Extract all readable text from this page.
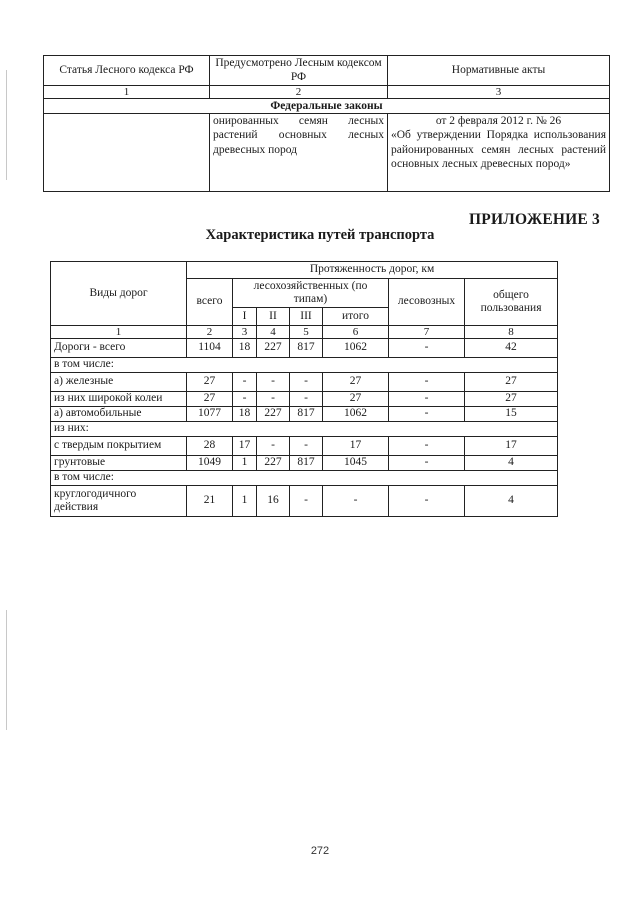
Статья Лесного кодекса РФ	Предусмотрено Лесным кодексом РФ	Нормативные акты
1	2	3
Федеральные законы		
	онированных семян лесных растений основных лесных древесных пород	от 2 февраля 2012 г. № 26
«Об утверждении Порядка использования районированных семян лесных растений основных лесных древесных пород»
ПРИЛОЖЕНИЕ 3
Характеристика путей транспорта
Виды дорог	Протяженность дорог, км						
	всего	лесохозяйственных (по типам)				лесовозных	общего пользования
		I	II	III	итого		
1	2	3	4	5	6	7	8
Дороги - всего	1104	18	227	817	1062	-	42
в том числе:							
а) железные	27	-	-	-	27	-	27
из них широкой колеи	27	-	-	-	27	-	27
а) автомобильные	1077	18	227	817	1062	-	15
из них:							
с твердым покрытием	28	17	-	-	17	-	17
грунтовые	1049	1	227	817	1045	-	4
в том числе:							
круглогодичного действия	21	1	16	-	-	-	4
272
